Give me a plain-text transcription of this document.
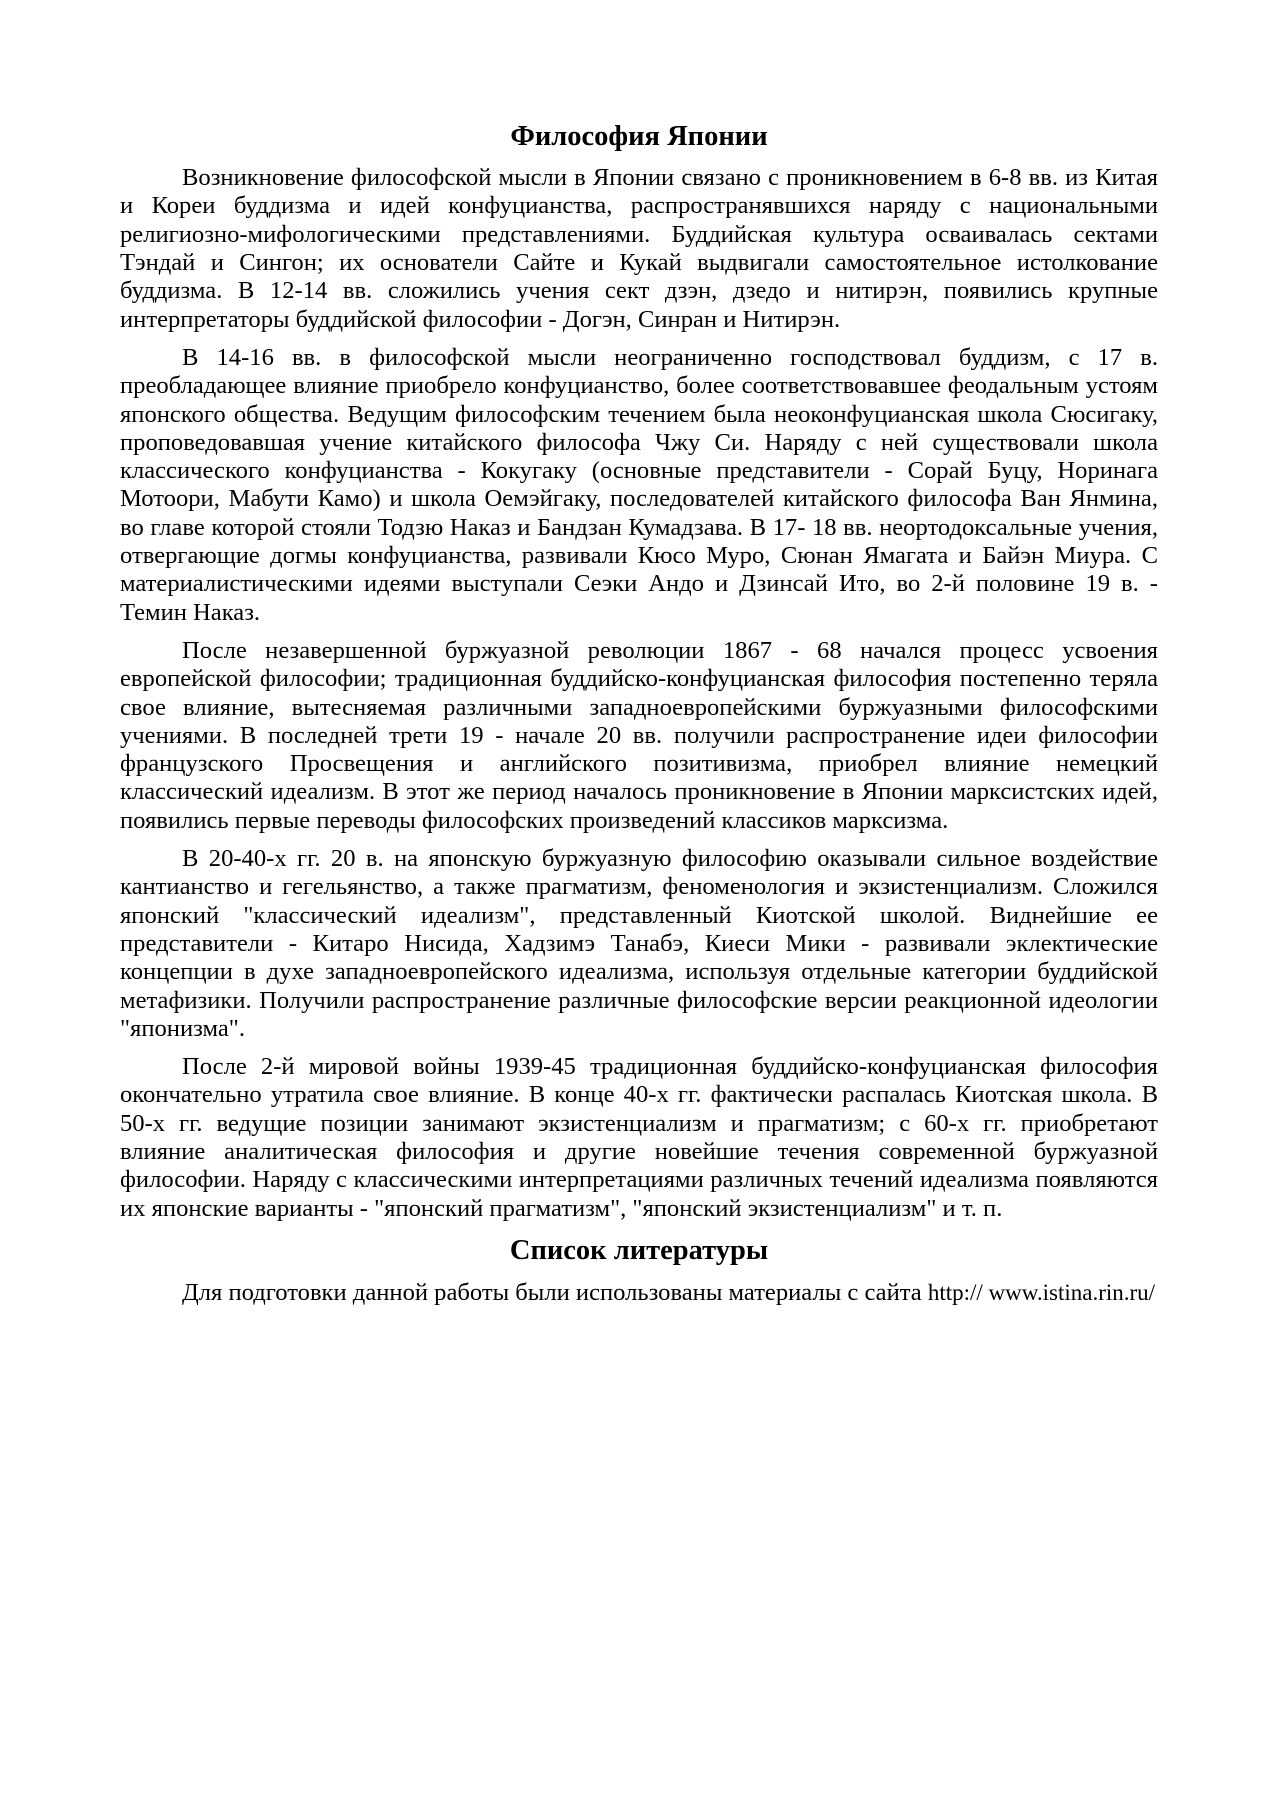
Философия Японии

Возникновение философской мысли в Японии связано с проникновением в 6-8 вв. из Китая и Кореи буддизма и идей конфуцианства, распространявшихся наряду с национальными религиозно-мифологическими представлениями. Буддийская культура осваивалась сектами Тэндай и Сингон; их основатели Сайте и Кукай выдвигали самостоятельное истолкование буддизма. В 12-14 вв. сложились учения сект дзэн, дзедо и нитирэн, появились крупные интерпретаторы буддийской философии - Догэн, Синран и Нитирэн.

В 14-16 вв. в философской мысли неограниченно господствовал буддизм, с 17 в. преобладающее влияние приобрело конфуцианство, более соответствовавшее феодальным устоям японского общества. Ведущим философским течением была неоконфуцианская школа Сюсигаку, проповедовавшая учение китайского философа Чжу Си. Наряду с ней существовали школа классического конфуцианства - Кокугаку (основные представители - Сорай Буцу, Норинага Мотоори, Мабути Камо) и школа Оемэйгаку, последователей китайского философа Ван Янмина, во главе которой стояли Тодзю Наказ и Бандзан Кумадзава. В 17- 18 вв. неортодоксальные учения, отвергающие догмы конфуцианства, развивали Кюсо Муро, Сюнан Ямагата и Байэн Миура. С материалистическими идеями выступали Сеэки Андо и Дзинсай Ито, во 2-й половине 19 в. - Темин Наказ.

После незавершенной буржуазной революции 1867 - 68 начался процесс усвоения европейской философии; традиционная буддийско-конфуцианская философия постепенно теряла свое влияние, вытесняемая различными западноевропейскими буржуазными философскими учениями. В последней трети 19 - начале 20 вв. получили распространение идеи философии французского Просвещения и английского позитивизма, приобрел влияние немецкий классический идеализм. В этот же период началось проникновение в Японии марксистских идей, появились первые переводы философских произведений классиков марксизма.

В 20-40-х гг. 20 в. на японскую буржуазную философию оказывали сильное воздействие кантианство и гегельянство, а также прагматизм, феноменология и экзистенциализм. Сложился японский "классический идеализм", представленный Киотской школой. Виднейшие ее представители - Китаро Нисида, Хадзимэ Танабэ, Киеси Мики - развивали эклектические концепции в духе западноевропейского идеализма, используя отдельные категории буддийской метафизики. Получили распространение различные философские версии реакционной идеологии "японизма".

После 2-й мировой войны 1939-45 традиционная буддийско-конфуцианская философия окончательно утратила свое влияние. В конце 40-х гг. фактически распалась Киотская школа. В 50-х гг. ведущие позиции занимают экзистенциализм и прагматизм; с 60-х гг. приобретают влияние аналитическая философия и другие новейшие течения современной буржуазной философии. Наряду с классическими интерпретациями различных течений идеализма появляются их японские варианты - "японский прагматизм", "японский экзистенциализм" и т. п.

Список литературы

Для подготовки данной работы были использованы материалы с сайта http:// www.istina.rin.ru/
